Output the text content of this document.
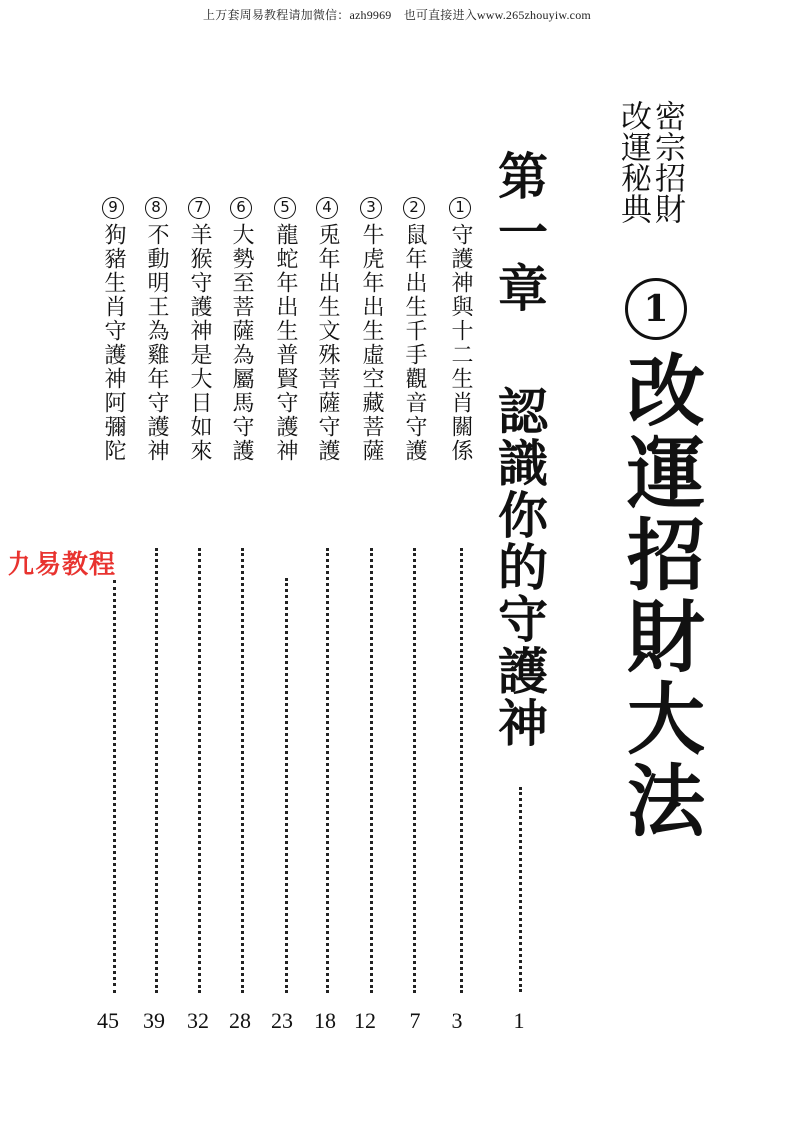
上万套周易教程请加微信：azh9969　也可直接进入www.265zhouyiw.com
密宗招財
改運秘典
1
改運招財大法
第一章
認識你的守護神
1
1守護神與十二生肖關係
3
2鼠年出生千手觀音守護
7
3牛虎年出生虛空藏菩薩
12
4兎年出生文殊菩薩守護
18
5龍蛇年出生普賢守護神
23
6大勢至菩薩為屬馬守護
28
7羊猴守護神是大日如來
32
8不動明王為雞年守護神
39
9狗豬生肖守護神阿彌陀
45
九易教程
